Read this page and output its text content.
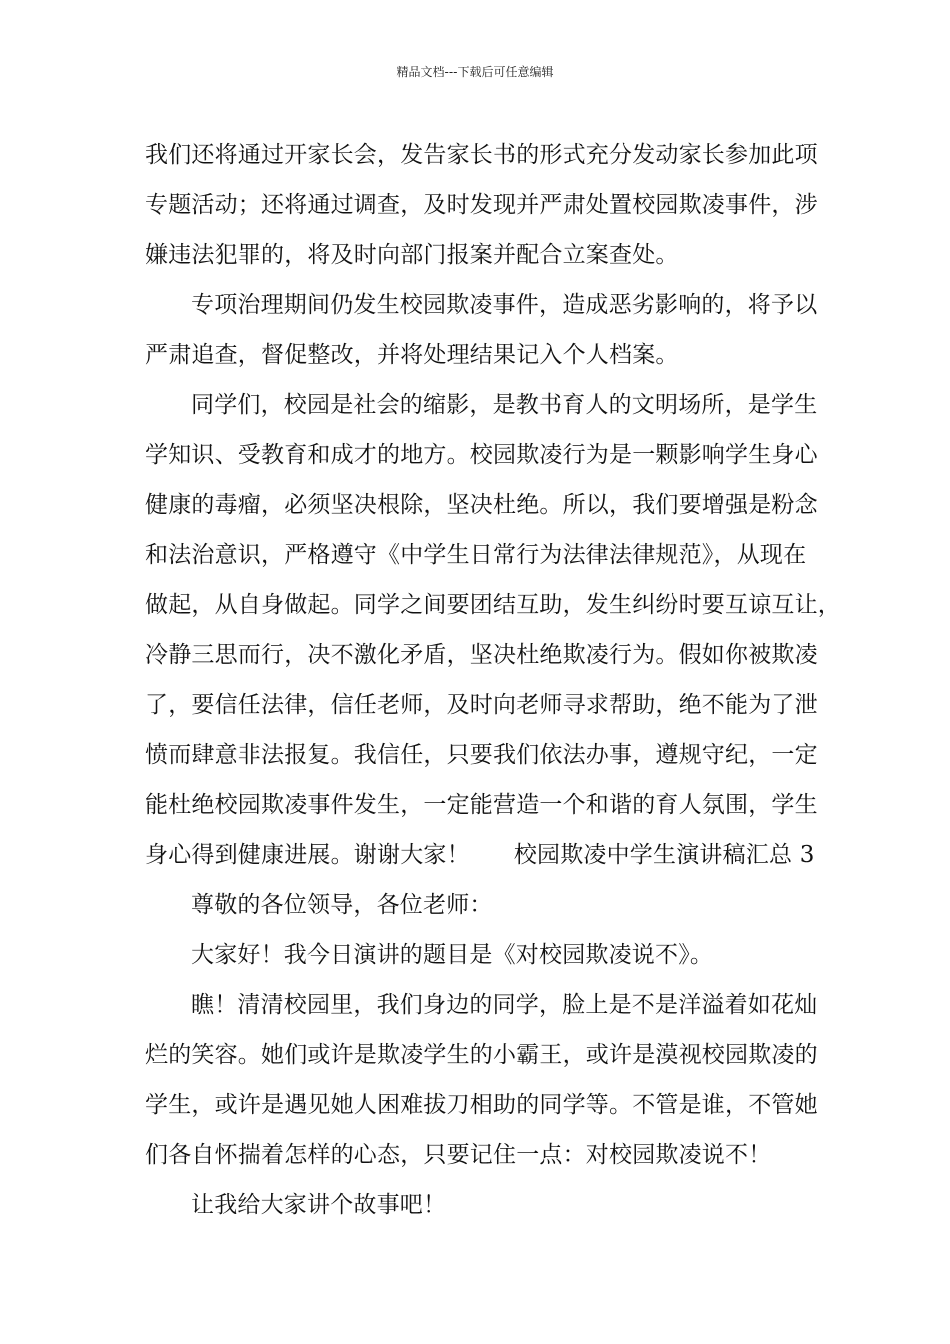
精品文档---下载后可任意编辑
我们还将通过开家长会，发告家长书的形式充分发动家长参加此项
专题活动；还将通过调查，及时发现并严肃处置校园欺凌事件，涉
嫌违法犯罪的，将及时向部门报案并配合立案查处。
专项治理期间仍发生校园欺凌事件，造成恶劣影响的，将予以
严肃追查，督促整改，并将处理结果记入个人档案。
同学们，校园是社会的缩影，是教书育人的文明场所，是学生
学知识、受教育和成才的地方。校园欺凌行为是一颗影响学生身心
健康的毒瘤，必须坚决根除，坚决杜绝。所以，我们要增强是粉念
和法治意识，严格遵守《中学生日常行为法律法律规范》，从现在
做起，从自身做起。同学之间要团结互助，发生纠纷时要互谅互让，
冷静三思而行，决不激化矛盾，坚决杜绝欺凌行为。假如你被欺凌
了，要信任法律，信任老师，及时向老师寻求帮助，绝不能为了泄
愤而肆意非法报复。我信任，只要我们依法办事，遵规守纪，一定
能杜绝校园欺凌事件发生，一定能营造一个和谐的育人氛围，学生
身心得到健康进展。谢谢大家！ 校园欺凌中学生演讲稿汇总 3
尊敬的各位领导，各位老师：
大家好！我今日演讲的题目是《对校园欺凌说不》。
瞧！清清校园里，我们身边的同学，脸上是不是洋溢着如花灿
烂的笑容。她们或许是欺凌学生的小霸王，或许是漠视校园欺凌的
学生，或许是遇见她人困难拔刀相助的同学等。不管是谁，不管她
们各自怀揣着怎样的心态，只要记住一点：对校园欺凌说不！
让我给大家讲个故事吧！
